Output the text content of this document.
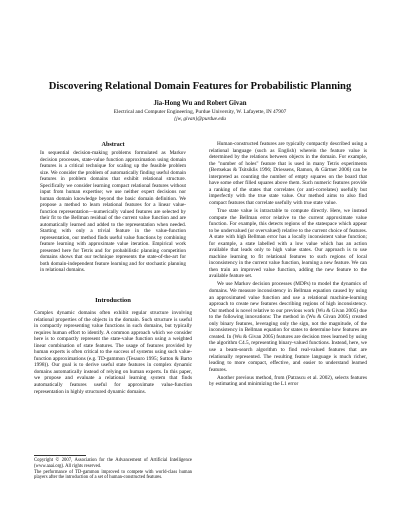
Discovering Relational Domain Features for Probabilistic Planning
Jia-Hong Wu and Robert Givan
Electrical and Computer Engineering, Purdue University, W. Lafayette, IN 47907
{jw, givan}@purdue.edu
Abstract

In sequential decision-making problems formulated as Markov decision processes, state-value function approximation using domain features is a critical technique for scaling up the feasible problem size. We consider the problem of automatically finding useful domain features in problem domains that exhibit relational structure. Specifically we consider learning compact relational features without input from human expertise; we use neither expert decisions nor human domain knowledge beyond the basic domain definition. We propose a method to learn relational features for a linear value-function representation—numerically valued features are selected by their fit to the Bellman residual of the current value function and are automatically learned and added to the representation when needed. Starting with only a trivial feature in the value-function representation, our method finds useful value functions by combining feature learning with approximate value iteration. Empirical work presented here for Tetris and for probabilistic planning competition domains shows that our technique represents the state-of-the-art for both domain-independent feature learning and for stochastic planning in relational domains.

Introduction

Complex dynamic domains often exhibit regular structure involving relational properties of the objects in the domain. Such structure is useful in compactly representing value functions in such domains, but typically requires human effort to identify. A common approach which we consider here is to compactly represent the state-value function using a weighted linear combination of state features. The usage of features provided by human experts is often critical to the success of systems using such value-function approximations (e.g. TD-gammon (Tesauro 1995; Sutton & Barto 1998)). Our goal is to derive useful state features in complex dynamic domains automatically instead of relying on human experts. In this paper, we propose and evaluate a relational learning system that finds automatically features useful for approximate value-function representation in highly structured dynamic domains.

Copyright © 2007, Association for the Advancement of Artificial Intelligence (www.aaai.org). All rights reserved.
The performance of TD-gammon improved to compete with world-class human players after the introduction of a set of human-constructed features.

Human-constructed features are typically compactly described using a relational language (such as English) wherein the feature value is determined by the relations between objects in the domain. For example, the "number of holes" feature that is used in many Tetris experiments (Bertsekas & Tsitsiklis 1996; Driessens, Ramon, & Gärtner 2006) can be interpreted as counting the number of empty squares on the board that have some other filled squares above them. Such numeric features provide a ranking of the states that correlates (or anti-correlates) usefully but imperfectly with the true state value. Our method aims to also find compact features that correlate usefully with true state value.

True state value is intractable to compute directly. Here, we instead compute the Bellman error relative to the current approximate value function. For example, this detects regions of the statespace which appear to be undervalued (or overvalued) relative to the current choice of features. A state with high Bellman error has a locally inconsistent value function; for example, a state labelled with a low value which has an action available that leads only to high value states. Our approach is to use machine learning to fit relational features to such regions of local inconsistency in the current value function, learning a new feature. We can then train an improved value function, adding the new feature to the available feature set.

We use Markov decision processes (MDPs) to model the dynamics of domains. We measure inconsistency in Bellman equation caused by using an approximated value function and use a relational machine-learning approach to create new features describing regions of high inconsistency. Our method is novel relative to our previous work (Wu & Givan 2005) due to the following innovations: The method in (Wu & Givan 2005) created only binary features, leveraging only the sign, not the magnitude, of the inconsistency in Bellman equation for states to determine how features are created. In (Wu & Givan 2005) features are decision trees learned by using the algorithm C4.5, representing binary-valued functions. Instead, here, we use a beam-search algorithm to find real-valued features that are relationally represented. The resulting feature language is much richer, leading to more compact, effective, and easier to understand learned features.

Another previous method, from (Patrascu et al. 2002), selects features by estimating and minimizing the L1 error
